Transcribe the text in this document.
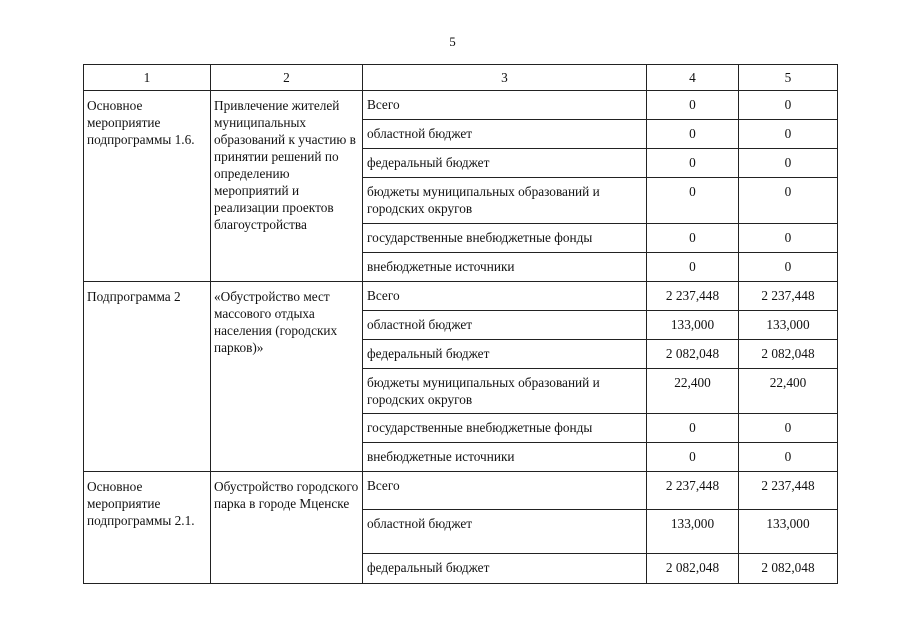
5
1	2	3	4	5
Основное мероприятие подпрограммы 1.6.	Привлечение жителей муниципальных образований к участию в принятии решений по определению мероприятий и реализации проектов благоустройства	Всего	0	0
		областной бюджет	0	0
		федеральный бюджет	0	0
		бюджеты муниципальных образований и городских округов	0	0
		государственные внебюджетные фонды	0	0
		внебюджетные источники	0	0
Подпрограмма 2	«Обустройство мест массового отдыха населения (городских парков)»	Всего	2 237,448	2 237,448
		областной бюджет	133,000	133,000
		федеральный бюджет	2 082,048	2 082,048
		бюджеты муниципальных образований и городских округов	22,400	22,400
		государственные внебюджетные фонды	0	0
		внебюджетные источники	0	0
Основное мероприятие подпрограммы 2.1.	Обустройство городского парка в городе Мценске	Всего	2 237,448	2 237,448
		областной бюджет	133,000	133,000
		федеральный бюджет	2 082,048	2 082,048
